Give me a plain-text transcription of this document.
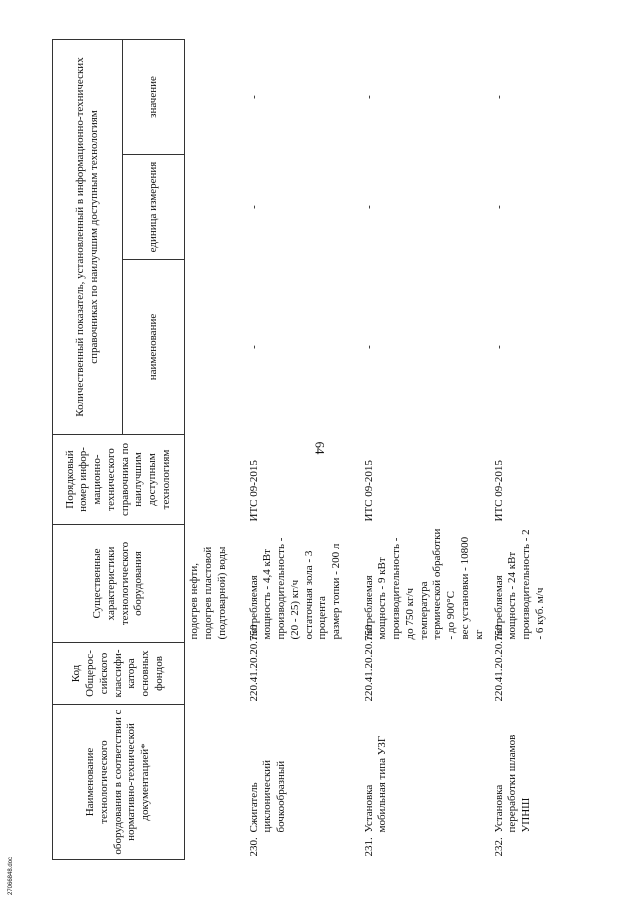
64
27066848.doc
Наименование технологического оборудования в соответствии с нормативно-технической документацией*	Код Общерос-сийского классифи-катора основных фондов	Существенные характеристики технологического оборудования	Порядковый номер инфор-мационно-технического справочника по наилучшим доступным технологиям	Количественный показатель, установленный в информационно-технических справочниках по наилучшим доступным технологиям		
				наименование	единица измерения	значение
		подогрев нефти, подогрев пластовой (подтоварной) воды				
230.Сжигатель циклонический бочкообразный	220.41.20.20.750	потребляемая мощность - 4,4 кВт
производительность - (20 - 25) кг/ч
остаточная зола - 3 процента
размер топки - 200 л	ИТС 09-2015	-	-	-
231.Установка мобильная типа УЗГ	220.41.20.20.750	потребляемая мощность - 9 кВт
производительность - до 750 кг/ч
температура термической обработки - до 900°С
вес установки - 10800 кг	ИТС 09-2015	-	-	-
232.Установка переработки шламов УПНШ	220.41.20.20.750	потребляемая мощность - 24 кВт
производительность - 2 - 6 куб. м/ч	ИТС 09-2015	-	-	-
